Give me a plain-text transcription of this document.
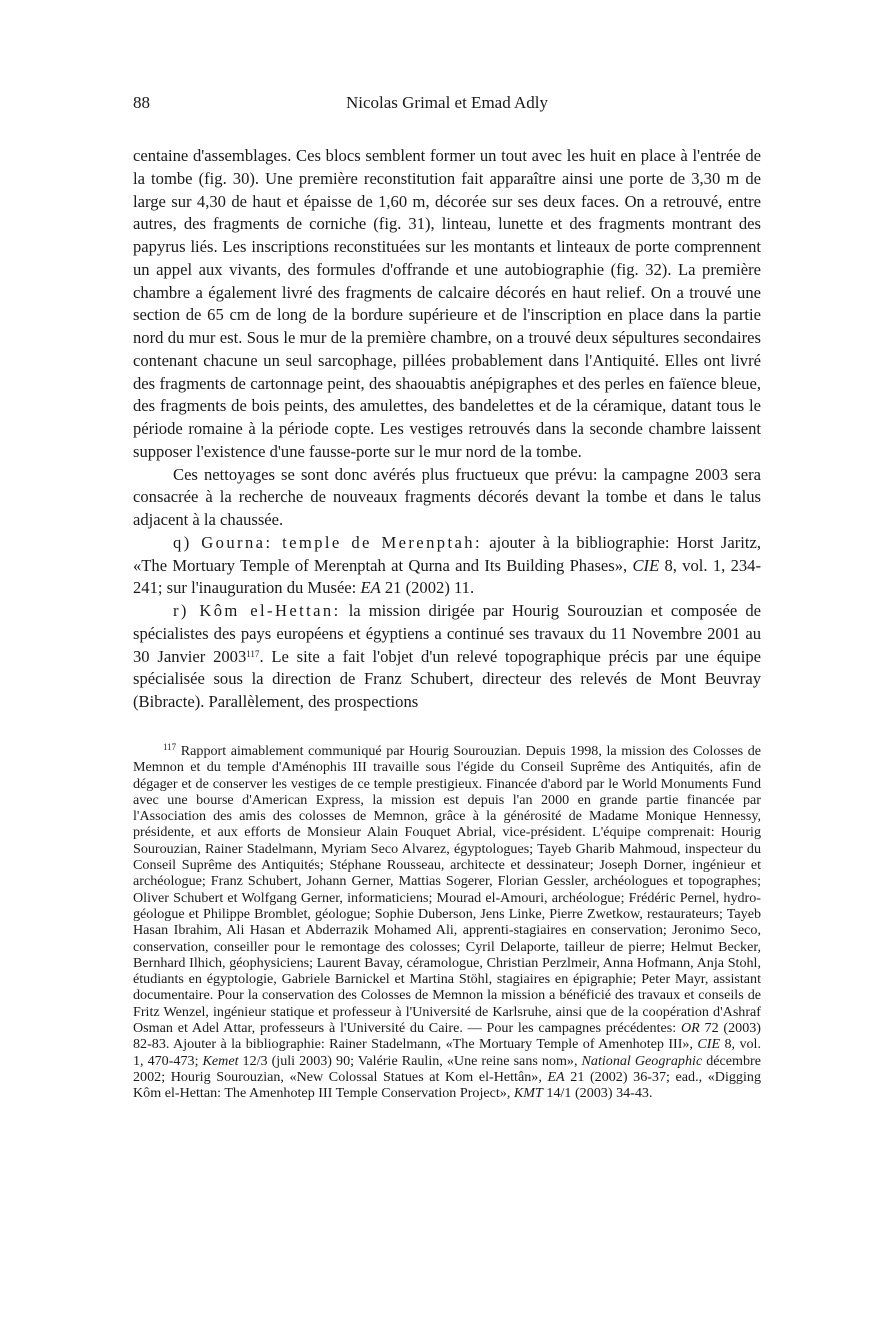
88	Nicolas Grimal et Emad Adly

centaine d'assemblages. Ces blocs semblent former un tout avec les huit en place à l'entrée de la tombe (fig. 30). Une première reconstitution fait apparaître ainsi une porte de 3,30 m de large sur 4,30 de haut et épaisse de 1,60 m, décorée sur ses deux faces. On a retrouvé, entre autres, des fragments de corniche (fig. 31), linteau, lunette et des fragments montrant des papyrus liés. Les inscriptions reconstituées sur les montants et linteaux de porte comprennent un appel aux vivants, des formules d'offrande et une autobiographie (fig. 32). La première chambre a également livré des fragments de calcaire décorés en haut relief. On a trouvé une section de 65 cm de long de la bordure supérieure et de l'inscription en place dans la partie nord du mur est. Sous le mur de la première chambre, on a trouvé deux sépultures secondaires contenant chacune un seul sarcophage, pillées probablement dans l'Antiquité. Elles ont livré des fragments de cartonnage peint, des shaouabtis anépigraphes et des perles en faïence bleue, des fragments de bois peints, des amulettes, des bandelettes et de la céramique, datant tous le période romaine à la période copte. Les vestiges retrouvés dans la seconde chambre laissent supposer l'existence d'une fausse-porte sur le mur nord de la tombe.

Ces nettoyages se sont donc avérés plus fructueux que prévu: la campagne 2003 sera consacrée à la recherche de nouveaux fragments décorés devant la tombe et dans le talus adjacent à la chaussée.

q) Gourna: temple de Merenptah: ajouter à la bibliographie: Horst Jaritz, «The Mortuary Temple of Merenptah at Qurna and Its Building Phases», CIE 8, vol. 1, 234-241; sur l'inauguration du Musée: EA 21 (2002) 11.

r) Kôm el-Hettan: la mission dirigée par Hourig Sourouzian et composée de spécialistes des pays européens et égyptiens a continué ses travaux du 11 Novembre 2001 au 30 Janvier 2003$^{117}$. Le site a fait l'objet d'un relevé topographique précis par une équipe spécialisée sous la direction de Franz Schubert, directeur des relevés de Mont Beuvray (Bibracte). Parallèlement, des prospections

$^{117}$ Rapport aimablement communiqué par Hourig Sourouzian. Depuis 1998, la mission des Colosses de Memnon et du temple d'Aménophis III travaille sous l'égide du Conseil Suprême des Antiquités, afin de dégager et de conserver les vestiges de ce temple prestigieux. Financée d'abord par le World Monuments Fund avec une bourse d'American Express, la mission est depuis l'an 2000 en grande partie financée par l'Association des amis des colosses de Memnon, grâce à la générosité de Madame Monique Hennessy, présidente, et aux efforts de Monsieur Alain Fouquet Abrial, vice-président. L'équipe comprenait: Hourig Sourouzian, Rainer Stadelmann, Myriam Seco Alvarez, égyptologues; Tayeb Gharib Mahmoud, inspecteur du Conseil Suprême des Antiquités; Stéphane Rousseau, architecte et dessinateur; Joseph Dorner, ingénieur et archéologue; Franz Schubert, Johann Gerner, Mattias Sogerer, Florian Gessler, archéologues et topographes; Oliver Schubert et Wolfgang Gerner, informaticiens; Mourad el-Amouri, archéologue; Frédéric Pernel, hydro-géologue et Philippe Bromblet, géologue; Sophie Duberson, Jens Linke, Pierre Zwetkow, restaurateurs; Tayeb Hasan Ibrahim, Ali Hasan et Abderrazik Mohamed Ali, apprenti-stagiaires en conservation; Jeronimo Seco, conservation, conseiller pour le remontage des colosses; Cyril Delaporte, tailleur de pierre; Helmut Becker, Bernhard Ilhich, géophysiciens; Laurent Bavay, céramologue, Christian Perzlmeir, Anna Hofmann, Anja Stohl, étudiants en égyptologie, Gabriele Barnickel et Martina Stöhl, stagiaires en épigraphie; Peter Mayr, assistant documentaire. Pour la conservation des Colosses de Memnon la mission a bénéficié des travaux et conseils de Fritz Wenzel, ingénieur statique et professeur à l'Université de Karlsruhe, ainsi que de la coopération d'Ashraf Osman et Adel Attar, professeurs à l'Université du Caire. — Pour les campagnes précédentes: OR 72 (2003) 82-83. Ajouter à la bibliographie: Rainer Stadelmann, «The Mortuary Temple of Amenhotep III», CIE 8, vol. 1, 470-473; Kemet 12/3 (juli 2003) 90; Valérie Raulin, «Une reine sans nom», National Geographic décembre 2002; Hourig Sourouzian, «New Colossal Statues at Kom el-Hettân», EA 21 (2002) 36-37; ead., «Digging Kôm el-Hettan: The Amenhotep III Temple Conservation Project», KMT 14/1 (2003) 34-43.
